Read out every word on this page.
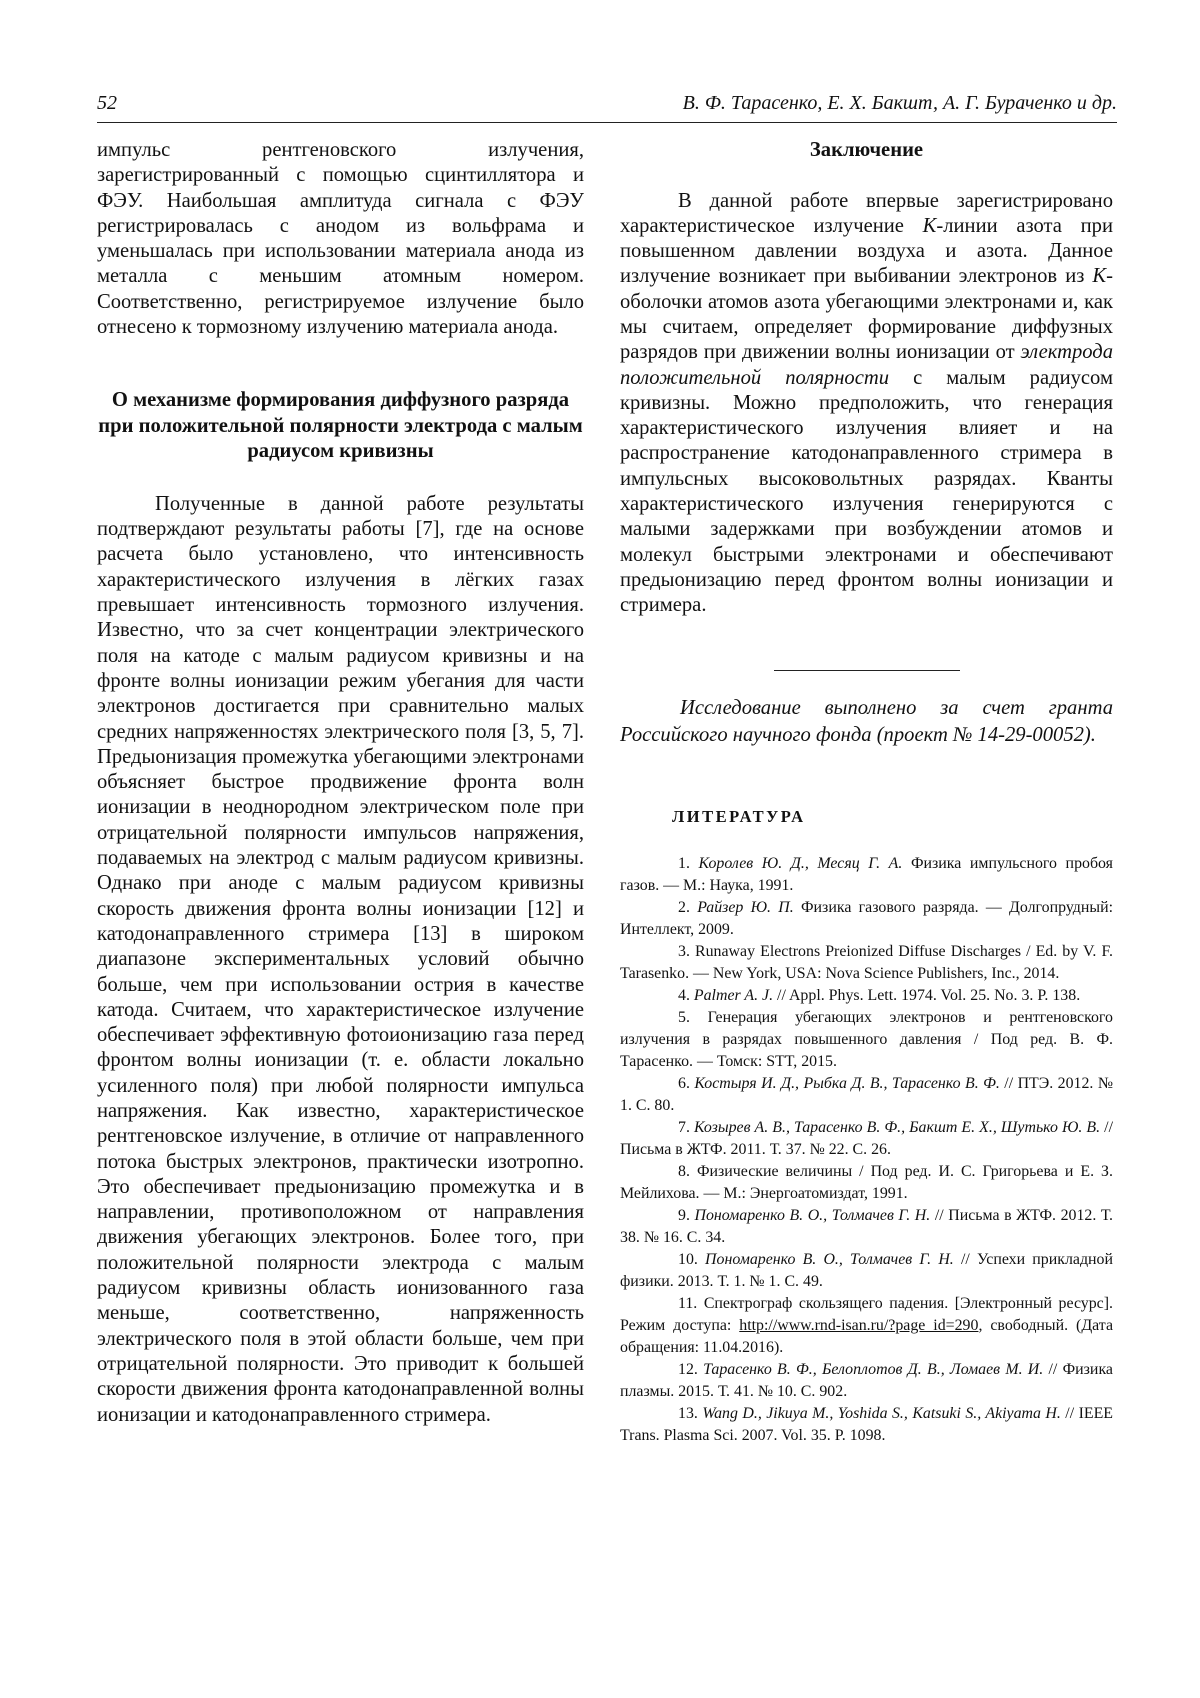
52	В. Ф. Тарасенко, Е. Х. Бакшт, А. Г. Бураченко и др.

импульс рентгеновского излучения, зарегистрированный с помощью сцинтиллятора и ФЭУ. Наибольшая амплитуда сигнала с ФЭУ регистрировалась с анодом из вольфрама и уменьшалась при использовании материала анода из металла с меньшим атомным номером. Соответственно, регистрируемое излучение было отнесено к тормозному излучению материала анода.

О механизме формирования диффузного разряда при положительной полярности электрода с малым радиусом кривизны

Полученные в данной работе результаты подтверждают результаты работы [7], где на основе расчета было установлено, что интенсивность характеристического излучения в лёгких газах превышает интенсивность тормозного излучения. Известно, что за счет концентрации электрического поля на катоде с малым радиусом кривизны и на фронте волны ионизации режим убегания для части электронов достигается при сравнительно малых средних напряженностях электрического поля [3, 5, 7]. Предыонизация промежутка убегающими электронами объясняет быстрое продвижение фронта волн ионизации в неоднородном электрическом поле при отрицательной полярности импульсов напряжения, подаваемых на электрод с малым радиусом кривизны. Однако при аноде с малым радиусом кривизны скорость движения фронта волны ионизации [12] и катодонаправленного стримера [13] в широком диапазоне экспериментальных условий обычно больше, чем при использовании острия в качестве катода. Считаем, что характеристическое излучение обеспечивает эффективную фотоионизацию газа перед фронтом волны ионизации (т. е. области локально усиленного поля) при любой полярности импульса напряжения. Как известно, характеристическое рентгеновское излучение, в отличие от направленного потока быстрых электронов, практически изотропно. Это обеспечивает предыонизацию промежутка и в направлении, противоположном от направления движения убегающих электронов. Более того, при положительной полярности электрода с малым радиусом кривизны область ионизованного газа меньше, соответственно, напряженность электрического поля в этой области больше, чем при отрицательной полярности. Это приводит к большей скорости движения фронта катодонаправленной волны ионизации и катодонаправленного стримера.

Заключение

В данной работе впервые зарегистрировано характеристическое излучение K-линии азота при повышенном давлении воздуха и азота. Данное излучение возникает при выбивании электронов из K-оболочки атомов азота убегающими электронами и, как мы считаем, определяет формирование диффузных разрядов при движении волны ионизации от электрода положительной полярности с малым радиусом кривизны. Можно предположить, что генерация характеристического излучения влияет и на распространение катодонаправленного стримера в импульсных высоковольтных разрядах. Кванты характеристического излучения генерируются с малыми задержками при возбуждении атомов и молекул быстрыми электронами и обеспечивают предыонизацию перед фронтом волны ионизации и стримера.

Исследование выполнено за счет гранта Российского научного фонда (проект № 14-29-00052).

ЛИТЕРАТУРА

1. Королев Ю. Д., Месяц Г. А. Физика импульсного пробоя газов. — М.: Наука, 1991.

2. Райзер Ю. П. Физика газового разряда. — Долгопрудный: Интеллект, 2009.

3. Runaway Electrons Preionized Diffuse Discharges / Ed. by V. F. Tarasenko. — New York, USA: Nova Science Publishers, Inc., 2014.

4. Palmer A. J. // Appl. Phys. Lett. 1974. Vol. 25. No. 3. P. 138.

5. Генерация убегающих электронов и рентгеновского излучения в разрядах повышенного давления / Под ред. В. Ф. Тарасенко. — Томск: STT, 2015.

6. Костыря И. Д., Рыбка Д. В., Тарасенко В. Ф. // ПТЭ. 2012. № 1. С. 80.

7. Козырев А. В., Тарасенко В. Ф., Бакшт Е. Х., Шутько Ю. В. // Письма в ЖТФ. 2011. Т. 37. № 22. С. 26.

8. Физические величины / Под ред. И. С. Григорьева и Е. З. Мейлихова. — М.: Энергоатомиздат, 1991.

9. Пономаренко В. О., Толмачев Г. Н. // Письма в ЖТФ. 2012. Т. 38. № 16. С. 34.

10. Пономаренко В. О., Толмачев Г. Н. // Успехи прикладной физики. 2013. Т. 1. № 1. С. 49.

11. Спектрограф скользящего падения. [Электронный ресурс]. Режим доступа: http://www.rnd-isan.ru/?page_id=290, свободный. (Дата обращения: 11.04.2016).

12. Тарасенко В. Ф., Белоплотов Д. В., Ломаев М. И. // Физика плазмы. 2015. Т. 41. № 10. С. 902.

13. Wang D., Jikuya M., Yoshida S., Katsuki S., Akiyama H. // IEEE Trans. Plasma Sci. 2007. Vol. 35. P. 1098.
